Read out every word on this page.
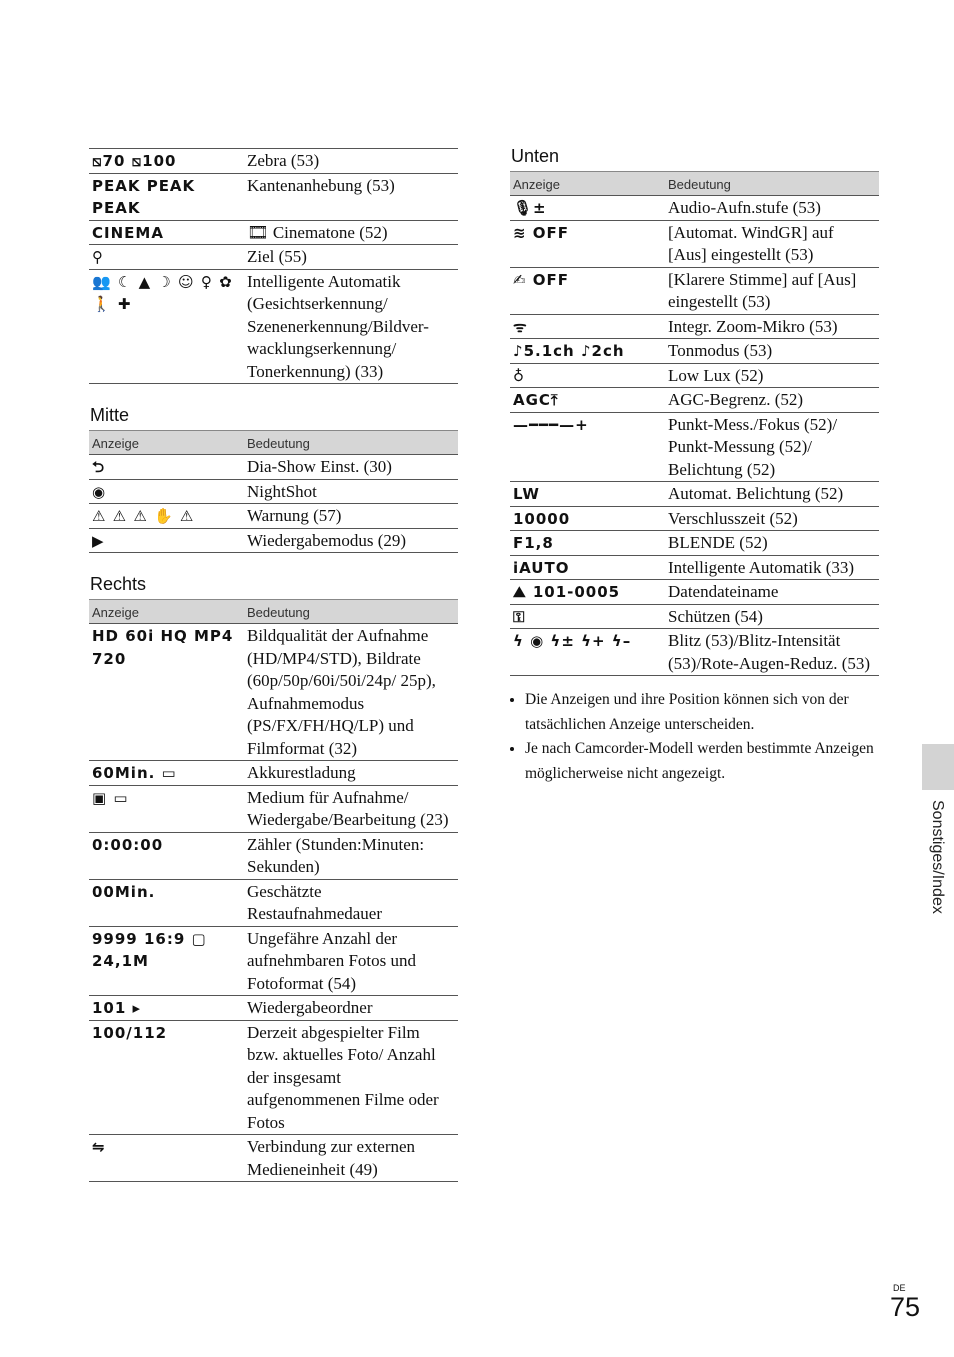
⧅70 ⧅100	Zebra (53)
PEAK PEAK PEAK	Kantenanhebung (53)
CINEMA	🎞 Cinematone (52)
⚲	Ziel (55)
👥 ☾ ▲ ☽ ☺ ♀ ✿ 🚶 ✚	Intelligente Automatik (Gesichtserkennung/ Szenenerkennung/Bildver-wacklungserkennung/ Tonerkennung) (33)
Mitte
Anzeige	Bedeutung
⮌	Dia-Show Einst. (30)
◉	NightShot
⚠ ⚠ ⚠ ✋ ⚠	Warnung (57)
▶	Wiedergabemodus (29)
Rechts
Anzeige	Bedeutung
HD 60i HQ MP4 720	Bildqualität der Aufnahme (HD/MP4/STD), Bildrate (60p/50p/60i/50i/24p/ 25p), Aufnahmemodus (PS/FX/FH/HQ/LP) und Filmformat (32)
60Min. ▭	Akkurestladung
▣ ▭	Medium für Aufnahme/ Wiedergabe/Bearbeitung (23)
0:00:00	Zähler (Stunden:Minuten: Sekunden)
00Min.	Geschätzte Restaufnahmedauer
9999 16:9 ▢ 24,1M	Ungefähre Anzahl der aufnehmbaren Fotos und Fotoformat (54)
101 ▸	Wiedergabeordner
100/112	Derzeit abgespielter Film bzw. aktuelles Foto/ Anzahl der insgesamt aufgenommenen Filme oder Fotos
⇋	Verbindung zur externen Medieneinheit (49)
Unten
Anzeige	Bedeutung
🎙±	Audio-Aufn.stufe (53)
≋ OFF	[Automat. WindGR] auf [Aus] eingestellt (53)
✍ OFF	[Klarere Stimme] auf [Aus] eingestellt (53)
ᯤ	Integr. Zoom-Mikro (53)
♪5.1ch ♪2ch	Tonmodus (53)
♁	Low Lux (52)
AGC⤒	AGC-Begrenz. (52)
—━━━—+	Punkt-Mess./Fokus (52)/ Punkt-Messung (52)/ Belichtung (52)
LW	Automat. Belichtung (52)
10000	Verschlusszeit (52)
F1,8	BLENDE (52)
iAUTO	Intelligente Automatik (33)
⛰ 101-0005	Datendateiname
⚿	Schützen (54)
ϟ ◉ ϟ± ϟ+ ϟ–	Blitz (53)/Blitz-Intensität (53)/Rote-Augen-Reduz. (53)
• Die Anzeigen und ihre Position können sich von der tatsächlichen Anzeige unterscheiden.
• Je nach Camcorder-Modell werden bestimmte Anzeigen möglicherweise nicht angezeigt.
Sonstiges/Index
DE
75
